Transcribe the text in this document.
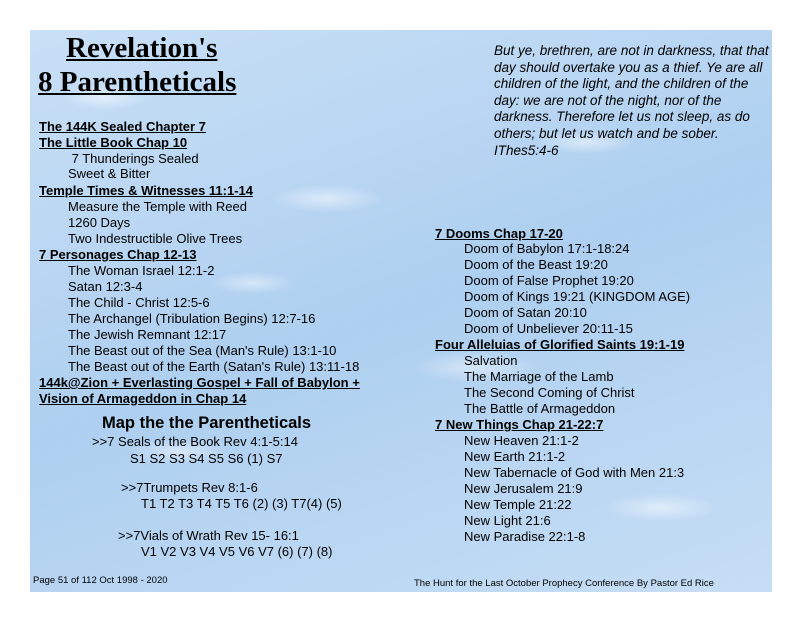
Revelation's
8 Parentheticals
But ye, brethren, are not in darkness, that that day should overtake you as a thief. Ye are all children of the light, and the children of the day: we are not of the night, nor of the darkness. Therefore let us not sleep, as do others; but let us watch and be sober. IThes5:4-6
The 144K Sealed Chapter 7
The Little Book Chap 10
7 Thunderings Sealed
Sweet & Bitter
Temple Times & Witnesses 11:1-14
Measure the Temple with Reed
1260 Days
Two Indestructible Olive Trees
7 Personages Chap 12-13
The Woman Israel 12:1-2
Satan 12:3-4
The Child - Christ 12:5-6
The Archangel (Tribulation Begins) 12:7-16
The Jewish Remnant 12:17
The Beast out of the Sea (Man's Rule) 13:1-10
The Beast out of the Earth (Satan's Rule) 13:11-18
144k@Zion + Everlasting Gospel + Fall of Babylon +
Vision of Armageddon in Chap 14
Map the the Parentheticals
>>7 Seals of the Book Rev 4:1-5:14
S1 S2 S3 S4 S5 S6 (1) S7
>>7Trumpets Rev 8:1-6
T1 T2 T3 T4 T5 T6 (2) (3) T7(4) (5)
>>7Vials of Wrath Rev 15- 16:1
V1 V2 V3 V4 V5 V6 V7 (6) (7) (8)
7 Dooms Chap 17-20
Doom of Babylon 17:1-18:24
Doom of the Beast 19:20
Doom of False Prophet 19:20
Doom of Kings 19:21 (KINGDOM AGE)
Doom of Satan 20:10
Doom of Unbeliever 20:11-15
Four Alleluias of Glorified Saints 19:1-19
Salvation
The Marriage of the Lamb
The Second Coming of Christ
The Battle of Armageddon
7 New Things Chap 21-22:7
New Heaven 21:1-2
New Earth 21:1-2
New Tabernacle of God with Men 21:3
New Jerusalem 21:9
New Temple 21:22
New Light 21:6
New Paradise 22:1-8
Page 51 of 112 Oct 1998 - 2020	The Hunt for the Last October Prophecy Conference By Pastor Ed Rice
